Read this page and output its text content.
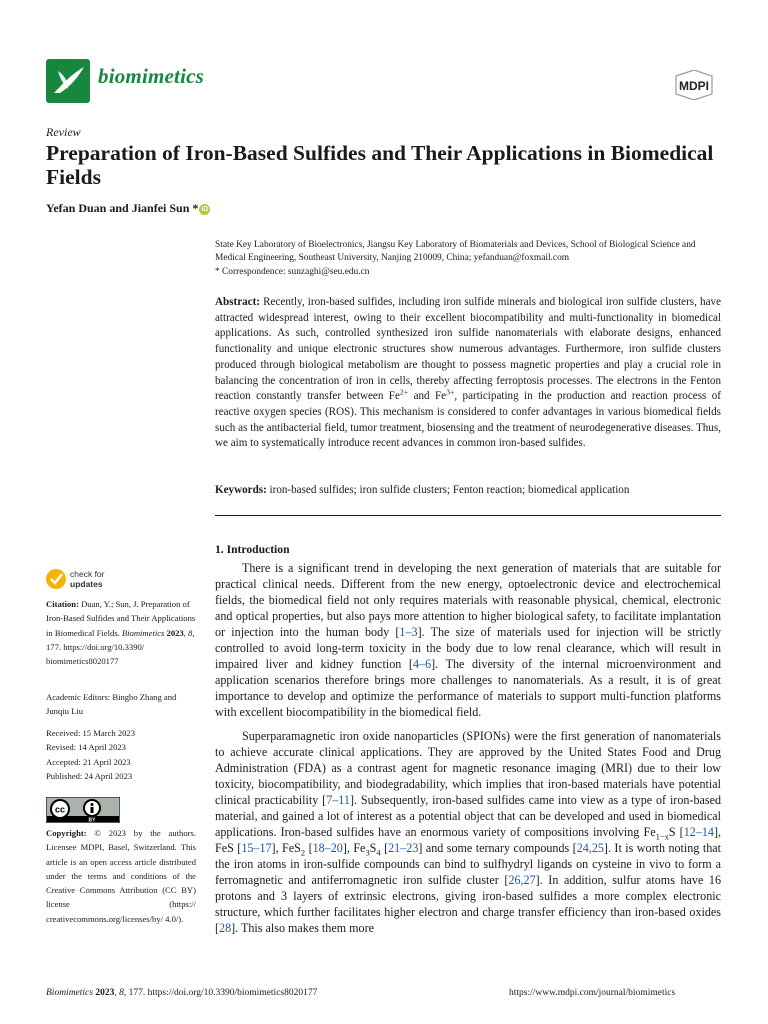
biomimetics	MDPI
Review
Preparation of Iron-Based Sulfides and Their Applications in Biomedical Fields
Yefan Duan and Jianfei Sun * iD
State Key Laboratory of Bioelectronics, Jiangsu Key Laboratory of Biomaterials and Devices, School of Biological Science and Medical Engineering, Southeast University, Nanjing 210009, China; yefanduan@foxmail.com
* Correspondence: sunzaghi@seu.edu.cn

Abstract: Recently, iron-based sulfides, including iron sulfide minerals and biological iron sulfide clusters, have attracted widespread interest, owing to their excellent biocompatibility and multi-functionality in biomedical applications. As such, controlled synthesized iron sulfide nanomaterials with elaborate designs, enhanced functionality and unique electronic structures show numerous advantages. Furthermore, iron sulfide clusters produced through biological metabolism are thought to possess magnetic properties and play a crucial role in balancing the concentration of iron in cells, thereby affecting ferroptosis processes. The electrons in the Fenton reaction constantly transfer between $Fe^{2+}$ and $Fe^{3+}$, participating in the production and reaction process of reactive oxygen species (ROS). This mechanism is considered to confer advantages in various biomedical fields such as the antibacterial field, tumor treatment, biosensing and the treatment of neurodegenerative diseases. Thus, we aim to systematically introduce recent advances in common iron-based sulfides.

Keywords: iron-based sulfides; iron sulfide clusters; Fenton reaction; biomedical application
check for
updates
Citation: Duan, Y.; Sun, J. Preparation of Iron-Based Sulfides and Their Applications in Biomedical Fields. Biomimetics 2023, 8, 177. https://doi.org/10.3390/ biomimetics8020177
Academic Editors: Bingbo Zhang and Junqiu Liu
Received: 15 March 2023
Revised: 14 April 2023
Accepted: 21 April 2023
Published: 24 April 2023
cc
BY
Copyright: © 2023 by the authors. Licensee MDPI, Basel, Switzerland. This article is an open access article distributed under the terms and conditions of the Creative Commons Attribution (CC BY) license (https:// creativecommons.org/licenses/by/ 4.0/).
1. Introduction

There is a significant trend in developing the next generation of materials that are suitable for practical clinical needs. Different from the new energy, optoelectronic device and electrochemical fields, the biomedical field not only requires materials with reasonable physical, chemical, electronic and optical properties, but also pays more attention to higher biological safety, to facilitate implantation or injection into the human body [1–3]. The size of materials used for injection will be strictly controlled to avoid long-term toxicity in the body due to low renal clearance, which will result in impaired liver and kidney function [4–6]. The diversity of the internal microenvironment and application scenarios therefore brings more challenges to nanomaterials. As a result, it is of great importance to develop and optimize the performance of materials to support multi-function platforms with excellent biocompatibility in the biomedical field.

Superparamagnetic iron oxide nanoparticles (SPIONs) were the first generation of nanomaterials to achieve accurate clinical applications. They are approved by the United States Food and Drug Administration (FDA) as a contrast agent for magnetic resonance imaging (MRI) due to their low toxicity, biocompatibility, and biodegradability, which implies that iron-based materials have potential clinical practicability [7–11]. Subsequently, iron-based sulfides came into view as a type of iron-based material, and gained a lot of interest as a potential object that can be developed and used in biomedical applications. Iron-based sulfides have an enormous variety of compositions involving $Fe_{1-x}S$ [12–14], FeS [15–17], FeS$_2$ [18–20], $Fe_3S_4$ [21–23] and some ternary compounds [24,25]. It is worth noting that the iron atoms in iron-sulfide compounds can bind to sulfhydryl ligands on cysteine in vivo to form a ferromagnetic and antiferromagnetic iron sulfide cluster [26,27]. In addition, sulfur atoms have 16 protons and 3 layers of extrinsic electrons, giving iron-based sulfides a more complex electronic structure, which further facilitates higher electron and charge transfer efficiency than iron-based oxides [28]. This also makes them more

Biomimetics 2023, 8, 177. https://doi.org/10.3390/biomimetics8020177	https://www.mdpi.com/journal/biomimetics
